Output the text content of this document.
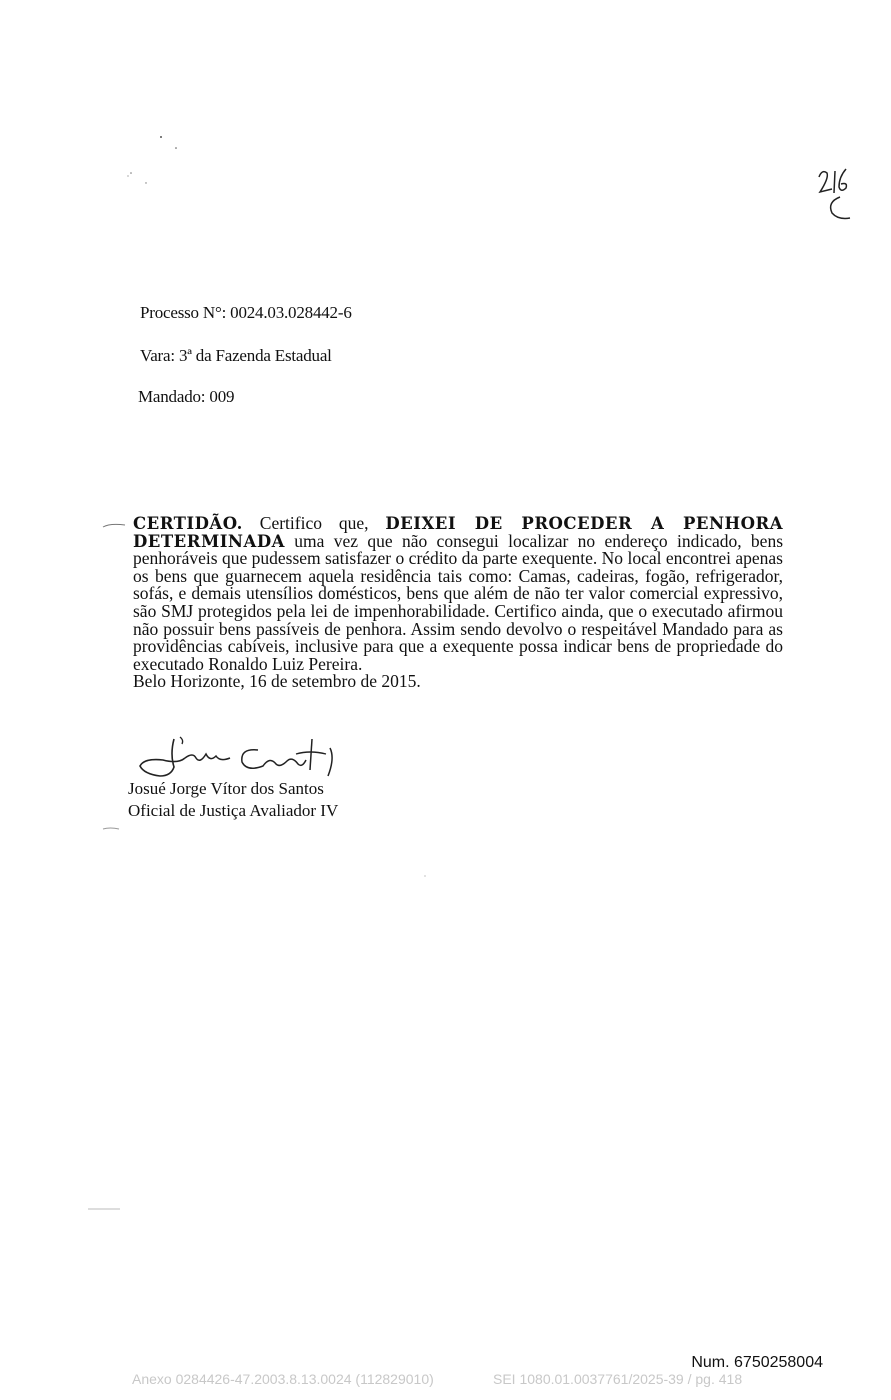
Processo N°: 0024.03.028442-6
Vara: 3ª da Fazenda Estadual
Mandado: 009
CERTIDÃO. Certifico que, DEIXEI DE PROCEDER A PENHORA DETERMINADA uma vez que não consegui localizar no endereço indicado, bens penhoráveis que pudessem satisfazer o crédito da parte exequente. No local encontrei apenas os bens que guarnecem aquela residência tais como: Camas, cadeiras, fogão, refrigerador, sofás, e demais utensílios domésticos, bens que além de não ter valor comercial expressivo, são SMJ protegidos pela lei de impenhorabilidade. Certifico ainda, que o executado afirmou não possuir bens passíveis de penhora. Assim sendo devolvo o respeitável Mandado para as providências cabíveis, inclusive para que a exequente possa indicar bens de propriedade do executado Ronaldo Luiz Pereira.
Belo Horizonte, 16 de setembro de 2015.
Josué Jorge Vítor dos Santos
Oficial de Justiça Avaliador IV
Num. 6750258004
Anexo 0284426-47.2003.8.13.0024 (112829010)	SEI 1080.01.0037761/2025-39 / pg. 418
